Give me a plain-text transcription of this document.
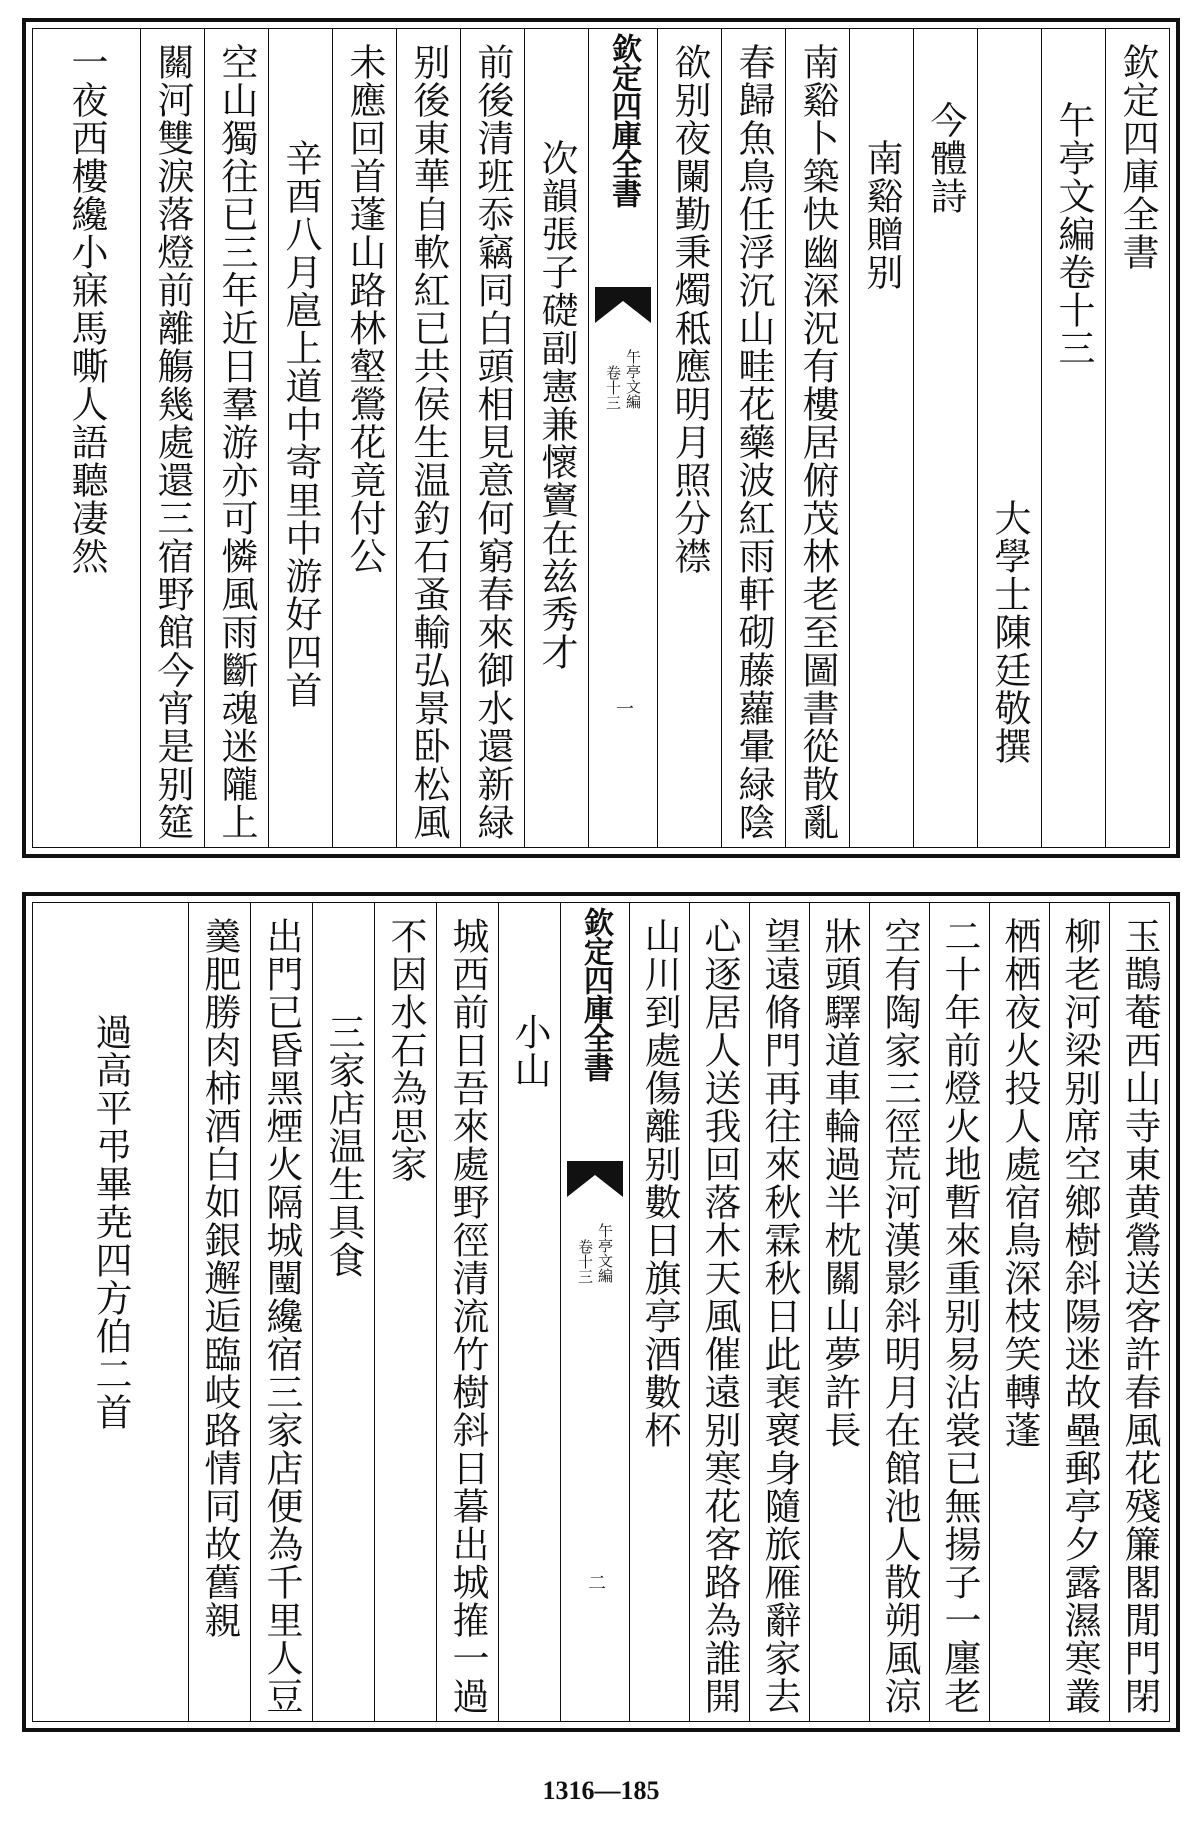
欽定四庫全書
午亭文編卷十三
大學士陳廷敬撰
今體詩
南谿贈别
南谿卜築快幽深況有樓居俯茂林老至圖書從散亂
春歸魚鳥任浮沉山畦花藥波紅雨軒砌藤蘿暈緑陰
欲别夜闌勤秉燭秪應明月照分襟
欽定四庫全書
午亭文編
卷十三
一
次韻張子礎副憲兼懷竇在兹秀才
前後清班忝竊同白頭相見意何窮春來御水還新緑
别後東華自軟紅已共侯生温釣石蚤輸弘景卧松風
未應回首蓬山路林壑鶯花竟付公
辛酉八月扈上道中寄里中游好四首
空山獨往已三年近日羣游亦可憐風雨斷魂迷隴上
關河雙淚落燈前離觴幾處還三宿野館今宵是别筵
一夜西樓纔小寐馬嘶人語聽凄然
玉鵲菴西山寺東黄鶯送客許春風花殘簾閣閒門閉
柳老河梁别席空鄉樹斜陽迷故壘郵亭夕露濕寒叢
栖栖夜火投人處宿鳥深枝笑轉蓬
二十年前燈火地暫來重别易沾裳已無揚子一廛老
空有陶家三徑荒河漢影斜明月在館池人散朔風涼
牀頭驛道車輪過半枕關山夢許長
望遠脩門再往來秋霖秋日此裵褱身隨旅雁辭家去
心逐居人送我回落木天風催遠别寒花客路為誰開
山川到處傷離别數日旗亭酒數杯
欽定四庫全書
午亭文編
卷十三
二
小山
城西前日吾來處野徑清流竹樹斜日暮出城搉一過
不因水石為思家
三家店温生具食
出門已昏黑煙火隔城闉纔宿三家店便為千里人豆
羹肥勝肉柿酒白如銀邂逅臨岐路情同故舊親
過高平弔畢尭四方伯二首
1316—185
